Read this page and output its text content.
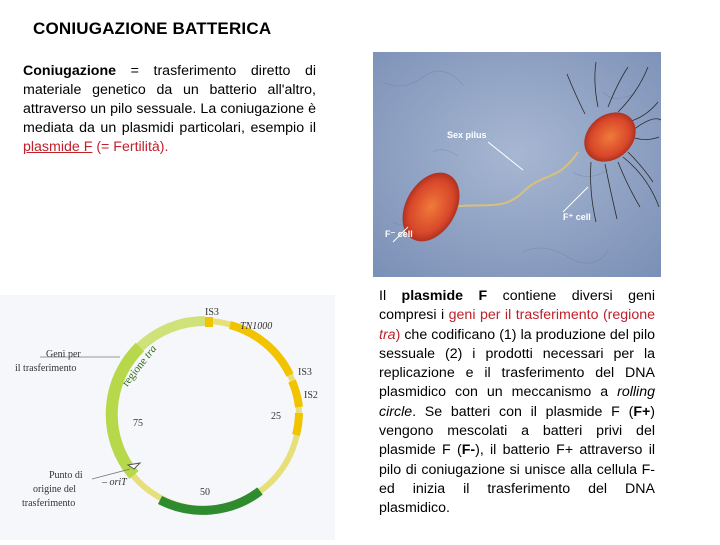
CONIUGAZIONE BATTERICA
Coniugazione = trasferimento diretto di materiale genetico da un batterio all'altro, attraverso un pilo sessuale. La coniugazione è mediata da un plasmidi particolari, esempio il plasmide F (= Fertilità).
Sex pilus
F⁺ cell
F⁻ cell
Geni per
il trasferimento	regione tra
IS3
TN1000
IS3
IS2
25
75
50
– oriT
Punto di
origine del
trasferimento
Il plasmide F contiene diversi geni compresi i geni per il trasferimento (regione tra) che codificano (1) la produzione del pilo sessuale (2) i prodotti necessari per la replicazione e il trasferimento del DNA plasmidico con un meccanismo a rolling circle. Se batteri con il plasmide F (F+) vengono mescolati a batteri privi del plasmide F (F-), il batterio F+ attraverso il pilo di coniugazione si unisce alla cellula F-ed inizia il trasferimento del DNA plasmidico.
